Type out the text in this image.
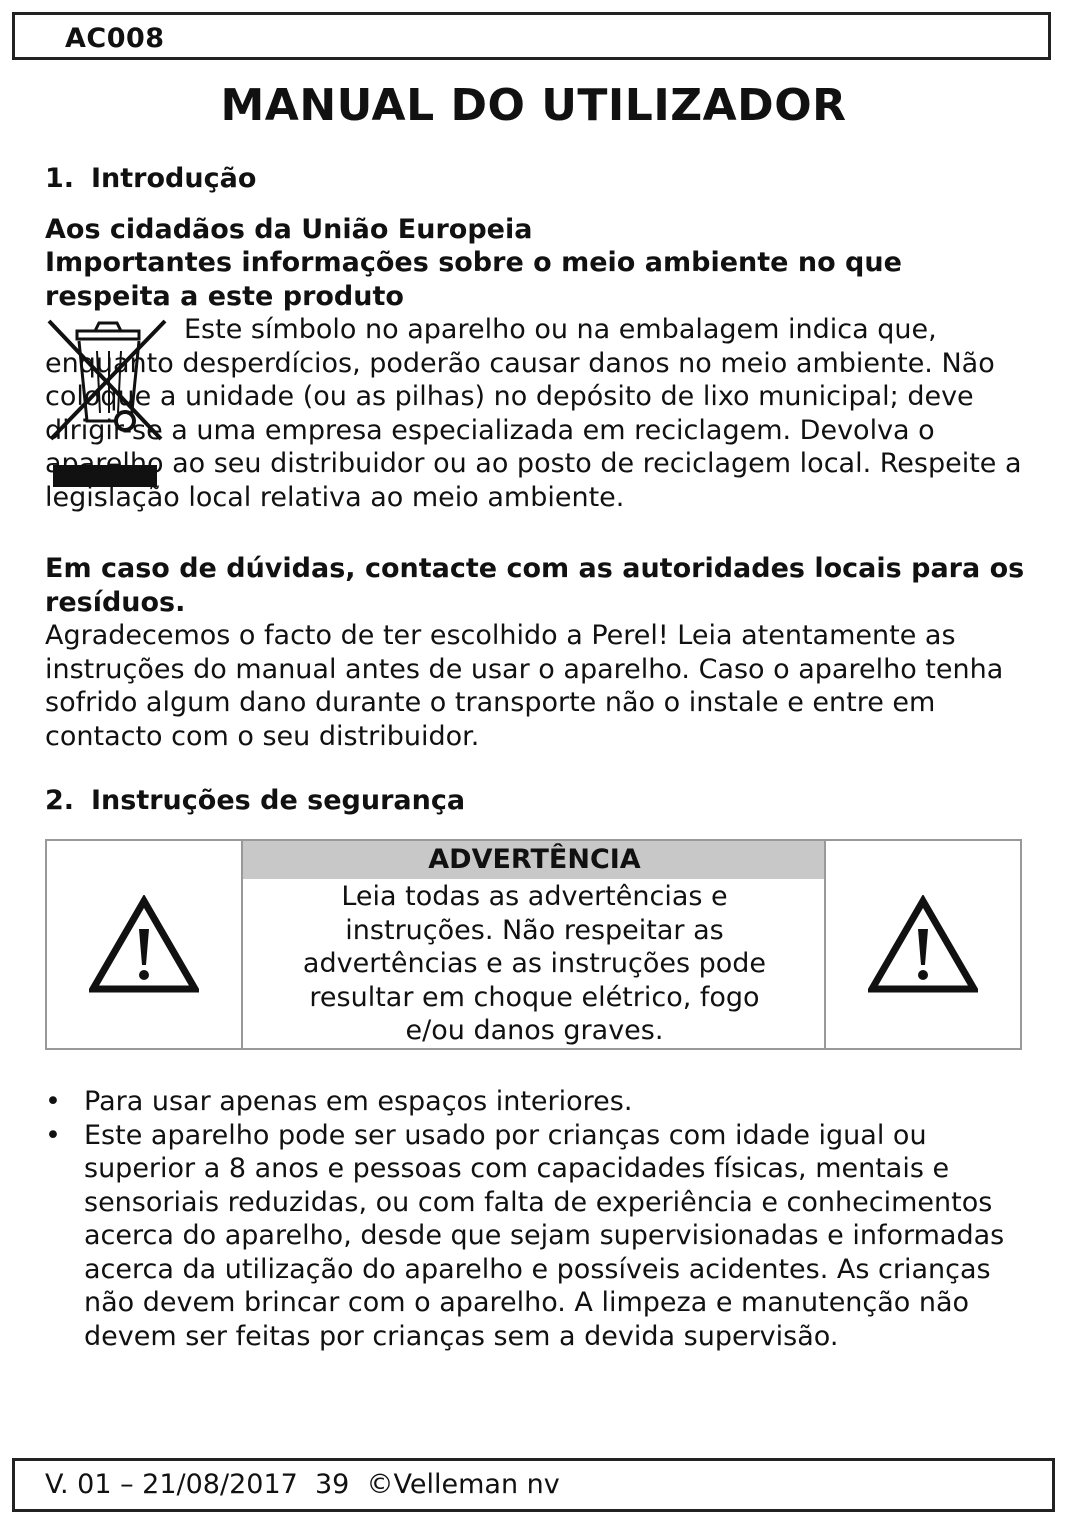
AC008
MANUAL DO UTILIZADOR
1. Introdução
Aos cidadãos da União Europeia
Importantes informações sobre o meio ambiente no que respeita a este produto
Este símbolo no aparelho ou na embalagem indica que, enquanto desperdícios, poderão causar danos no meio ambiente. Não coloque a unidade (ou as pilhas) no depósito de lixo municipal; deve dirigir-se a uma empresa especializada em reciclagem. Devolva o aparelho ao seu distribuidor ou ao posto de reciclagem local. Respeite a legislação local relativa ao meio ambiente.
Em caso de dúvidas, contacte com as autoridades locais para os resíduos.
Agradecemos o facto de ter escolhido a Perel! Leia atentamente as instruções do manual antes de usar o aparelho. Caso o aparelho tenha sofrido algum dano durante o transporte não o instale e entre em contacto com o seu distribuidor.
2. Instruções de segurança
ADVERTÊNCIA
Leia todas as advertências e instruções. Não respeitar as advertências e as instruções pode resultar em choque elétrico, fogo e/ou danos graves.
• Para usar apenas em espaços interiores.
• Este aparelho pode ser usado por crianças com idade igual ou superior a 8 anos e pessoas com capacidades físicas, mentais e sensoriais reduzidas, ou com falta de experiência e conhecimentos acerca do aparelho, desde que sejam supervisionadas e informadas acerca da utilização do aparelho e possíveis acidentes. As crianças não devem brincar com o aparelho. A limpeza e manutenção não devem ser feitas por crianças sem a devida supervisão.
V. 01 – 21/08/2017 39 ©Velleman nv
